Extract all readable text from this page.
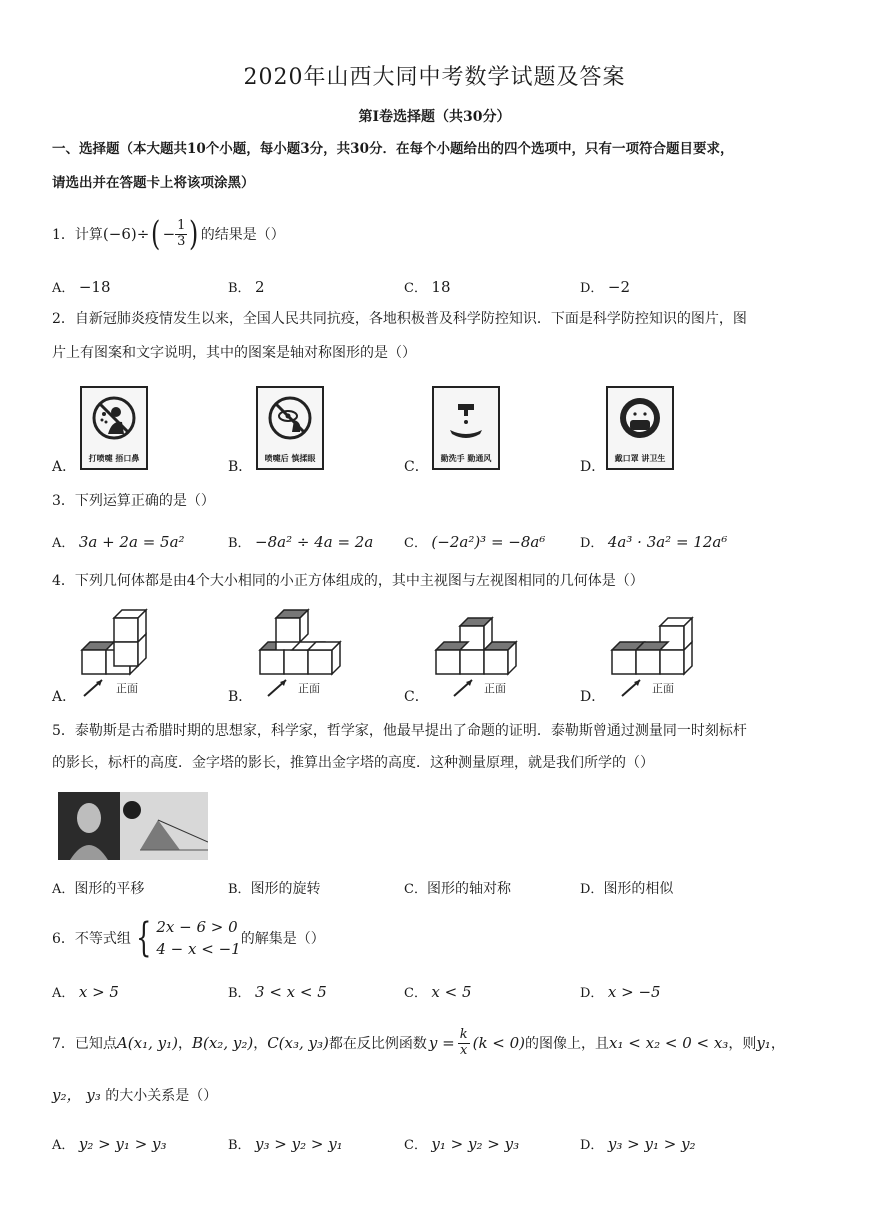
2020年山西大同中考数学试题及答案
第Ⅰ卷选择题（共30分）
一、选择题（本大题共10个小题，每小题3分，共30分．在每个小题给出的四个选项中，只有一项符合题目要求，
请选出并在答题卡上将该项涂黑）
1．计算 (−6)÷ ( − $\frac{1}{3}$ ) 的结果是（）
A． −18	B． 2	C． 18	D． −2
2．自新冠肺炎疫情发生以来，全国人民共同抗疫，各地积极普及科学防控知识．下面是科学防控知识的图片，图
片上有图案和文字说明，其中的图案是轴对称图形的是（）
A．
打喷嚏 捂口鼻
B．
喷嚏后 慎揉眼
C．
勤洗手 勤通风
D．
戴口罩 讲卫生
3．下列运算正确的是（）
A． 3a + 2a = 5a²	B． −8a² ÷ 4a = 2a C． (−2a²)³ = −8a⁶	D． 4a³ · 3a² = 12a⁶
4．下列几何体都是由4个大小相同的小正方体组成的，其中主视图与左视图相同的几何体是（）
A．
正面
B．
正面
C．
正面
D．
正面
5．泰勒斯是古希腊时期的思想家，科学家，哲学家，他最早提出了命题的证明．泰勒斯曾通过测量同一时刻标杆
的影长，标杆的高度．金字塔的影长，推算出金字塔的高度．这种测量原理，就是我们所学的（）
A．图形的平移	B．图形的旋转	C．图形的轴对称	D．图形的相似
6．不等式组 { 2x − 6 > 0
4 − x < −1
的解集是（）
A． x > 5	B． 3 < x < 5	C． x < 5	D． x > −5
7．已知点 A(x₁, y₁) ， B(x₂, y₂) ， C(x₃, y₃) 都在反比例函数 $y = \frac{k}{x} (k < 0)$ 的图像上，且 x₁ < x₂ < 0 < x₃ ，则 y₁ ，
y₂， y₃ 的大小关系是（）
A． y₂ > y₁ > y₃	B． y₃ > y₂ > y₁	C． y₁ > y₂ > y₃	D． y₃ > y₁ > y₂
